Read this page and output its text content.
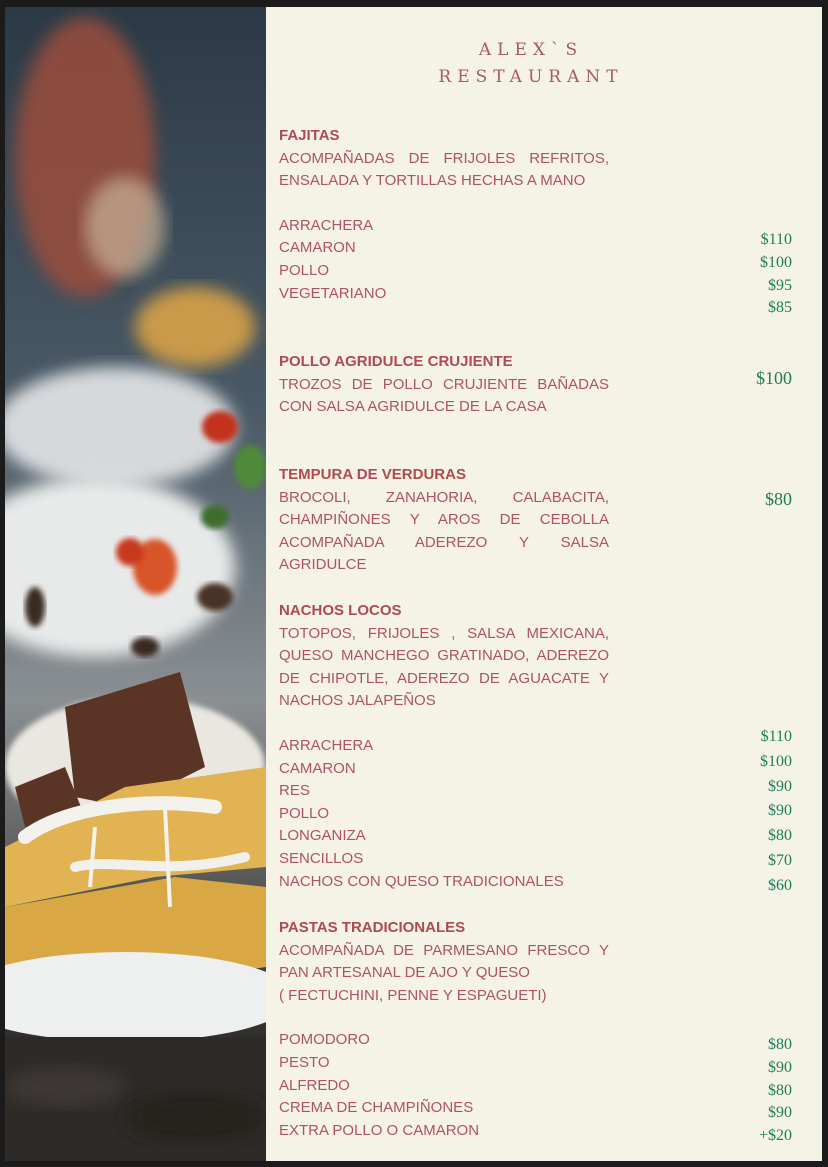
ALEX`S
RESTAURANT
FAJITAS
ACOMPAÑADAS DE FRIJOLES REFRITOS, ENSALADA Y TORTILLAS HECHAS A MANO
ARRACHERA
CAMARON
POLLO
VEGETARIANO
$110
$100
$95
$85
POLLO AGRIDULCE CRUJIENTE
TROZOS DE POLLO CRUJIENTE BAÑADAS CON SALSA AGRIDULCE DE LA CASA
$100
TEMPURA DE VERDURAS
BROCOLI, ZANAHORIA, CALABACITA, CHAMPIÑONES Y AROS DE CEBOLLA ACOMPAÑADA ADEREZO Y SALSA AGRIDULCE
$80
NACHOS LOCOS
TOTOPOS, FRIJOLES , SALSA MEXICANA, QUESO MANCHEGO GRATINADO, ADEREZO DE CHIPOTLE, ADEREZO DE AGUACATE Y NACHOS JALAPEÑOS
ARRACHERA
CAMARON
RES
POLLO
LONGANIZA
SENCILLOS
NACHOS CON QUESO TRADICIONALES
$110
$100
$90
$90
$80
$70
$60
PASTAS TRADICIONALES
ACOMPAÑADA DE PARMESANO FRESCO Y PAN ARTESANAL DE AJO Y QUESO
( FECTUCHINI, PENNE Y ESPAGUETI)
POMODORO
PESTO
ALFREDO
CREMA DE CHAMPIÑONES
EXTRA POLLO O CAMARON
$80
$90
$80
$90
+$20
